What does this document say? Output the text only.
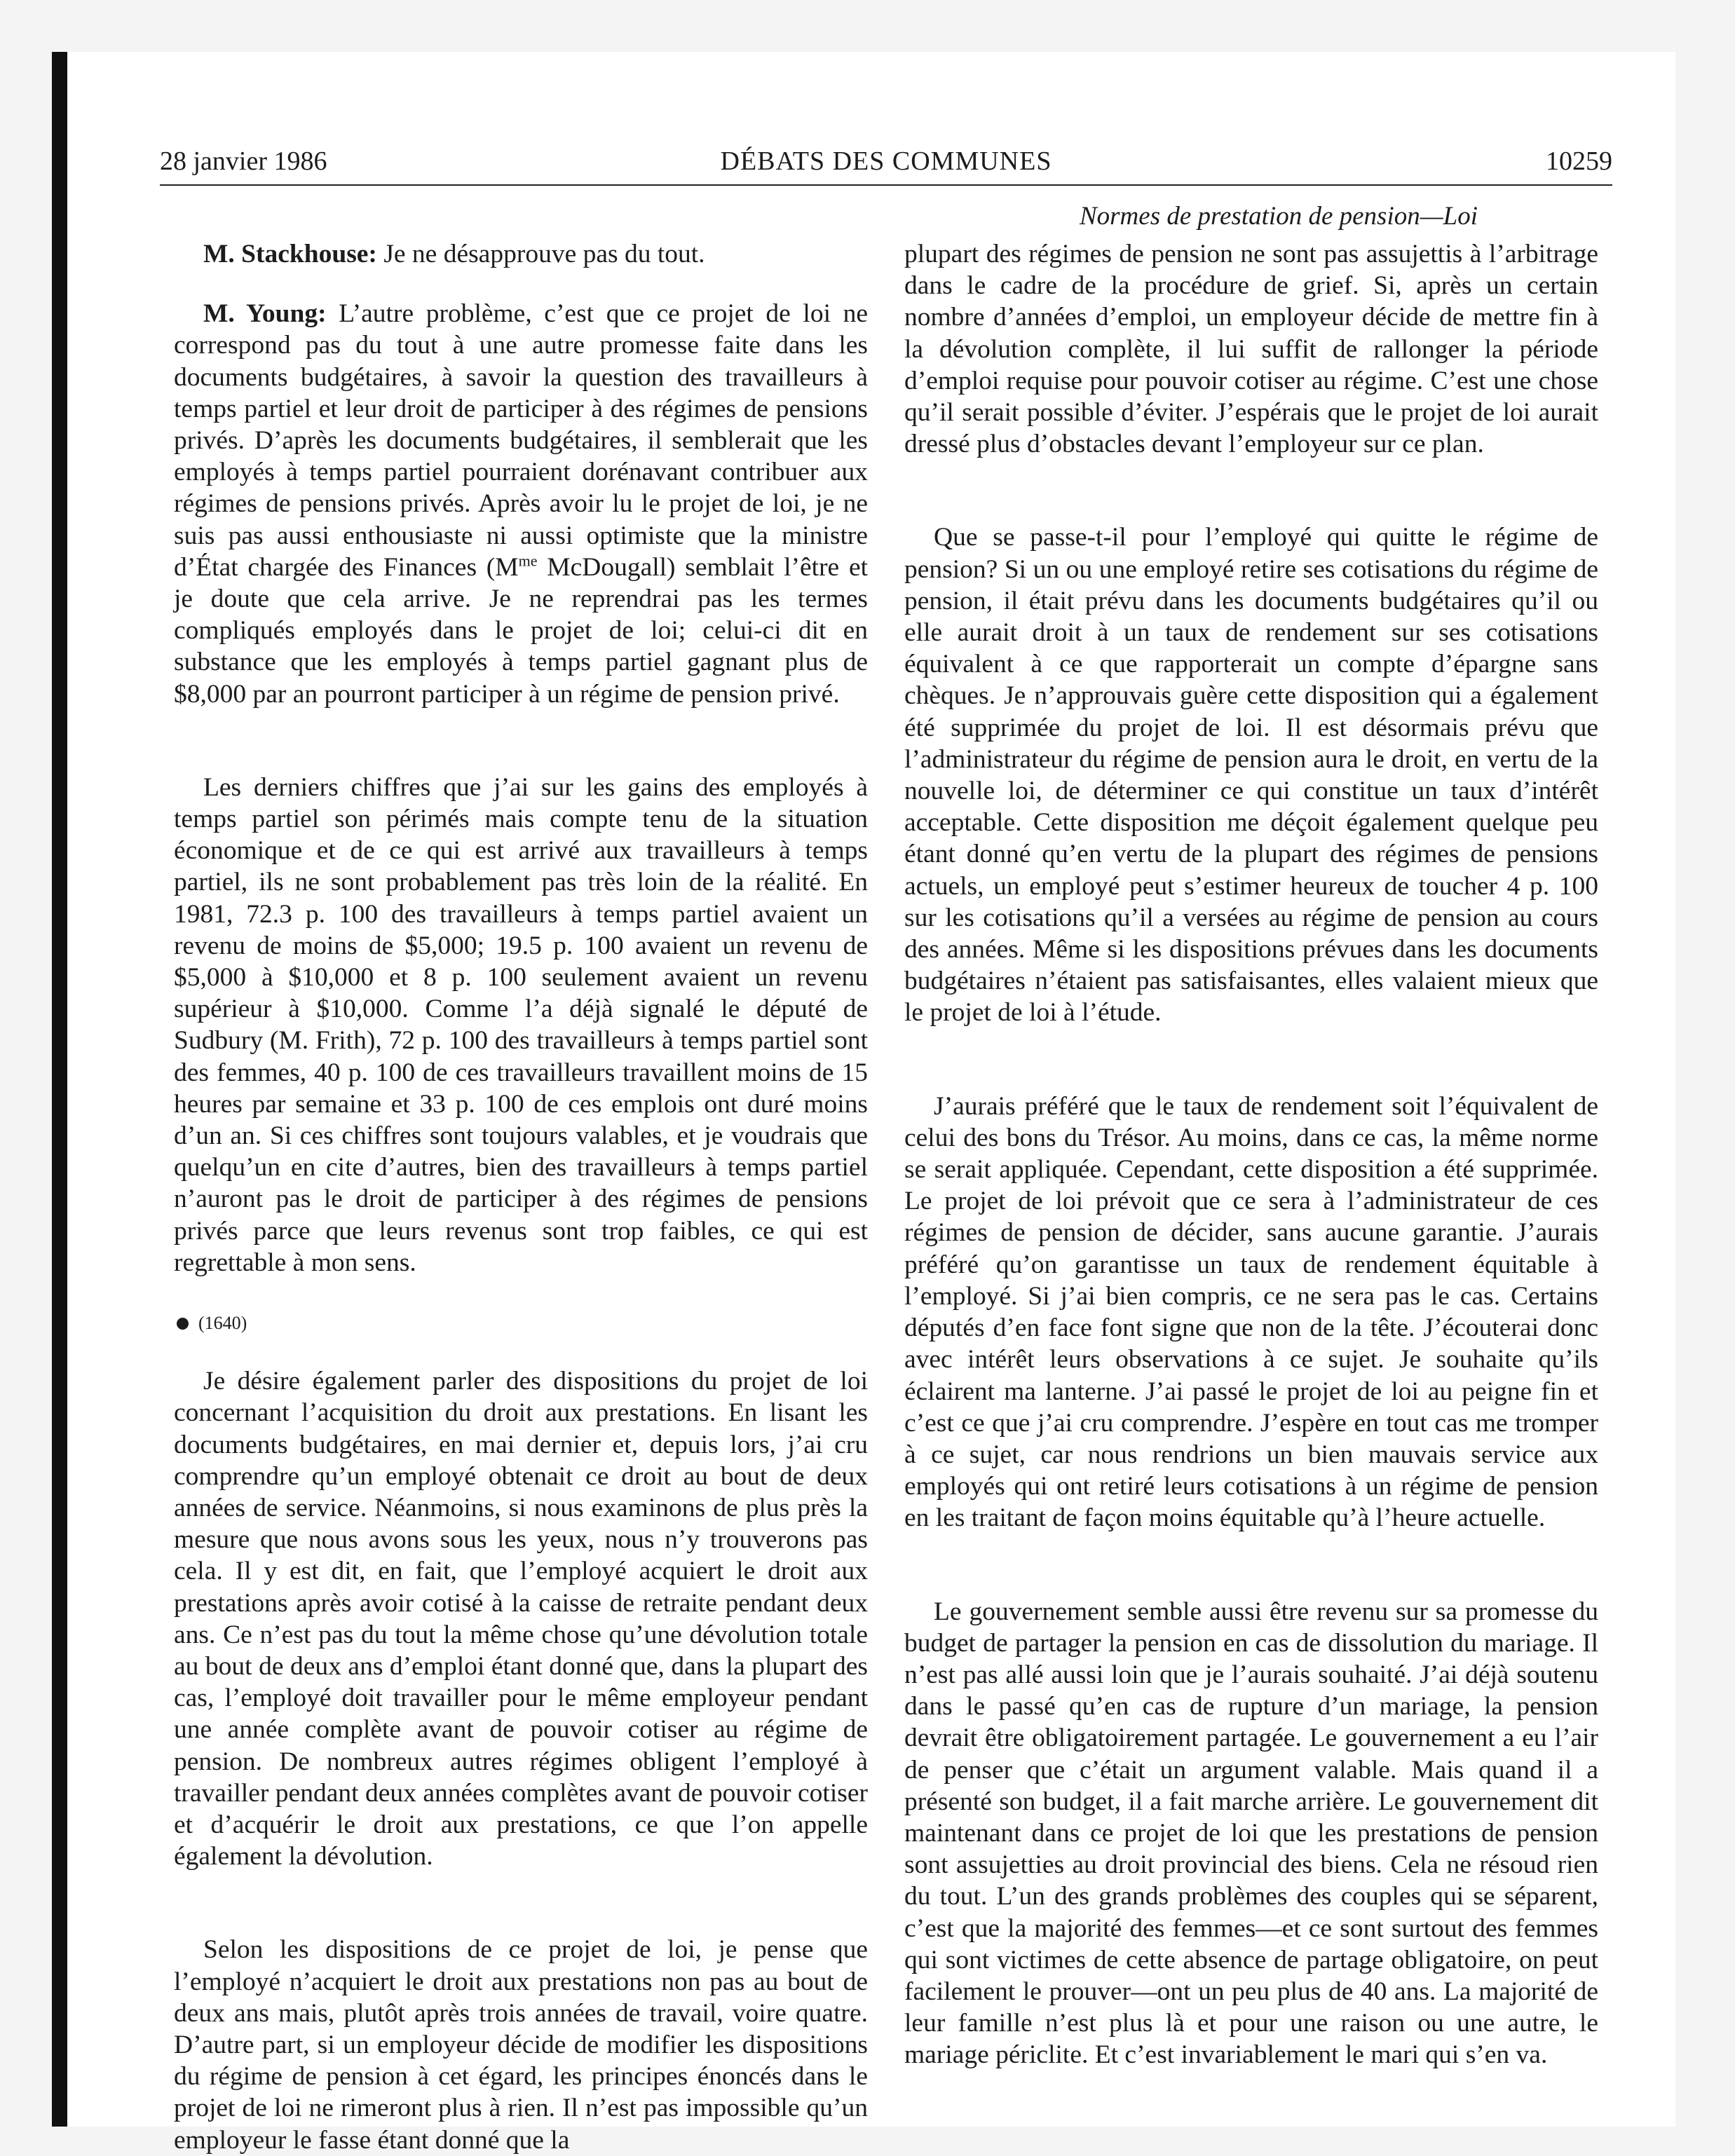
28 janvier 1986	DÉBATS DES COMMUNES	10259
Normes de prestation de pension—Loi

M. Stackhouse: Je ne désapprouve pas du tout.

M. Young: L’autre problème, c’est que ce projet de loi ne correspond pas du tout à une autre promesse faite dans les documents budgétaires, à savoir la question des travailleurs à temps partiel et leur droit de participer à des régimes de pensions privés. D’après les documents budgétaires, il semblerait que les employés à temps partiel pourraient dorénavant contribuer aux régimes de pensions privés. Après avoir lu le projet de loi, je ne suis pas aussi enthousiaste ni aussi optimiste que la ministre d’État chargée des Finances ($M^{me}$ McDougall) semblait l’être et je doute que cela arrive. Je ne reprendrai pas les termes compliqués employés dans le projet de loi; celui-ci dit en substance que les employés à temps partiel gagnant plus de $8,000 par an pourront participer à un régime de pension privé.

Les derniers chiffres que j’ai sur les gains des employés à temps partiel son périmés mais compte tenu de la situation économique et de ce qui est arrivé aux travailleurs à temps partiel, ils ne sont probablement pas très loin de la réalité. En 1981, 72.3 p. 100 des travailleurs à temps partiel avaient un revenu de moins de $5,000; 19.5 p. 100 avaient un revenu de $5,000 à $10,000 et 8 p. 100 seulement avaient un revenu supérieur à $10,000. Comme l’a déjà signalé le député de Sudbury (M. Frith), 72 p. 100 des travailleurs à temps partiel sont des femmes, 40 p. 100 de ces travailleurs travaillent moins de 15 heures par semaine et 33 p. 100 de ces emplois ont duré moins d’un an. Si ces chiffres sont toujours valables, et je voudrais que quelqu’un en cite d’autres, bien des travailleurs à temps partiel n’auront pas le droit de participer à des régimes de pensions privés parce que leurs revenus sont trop faibles, ce qui est regrettable à mon sens.

(1640)

Je désire également parler des dispositions du projet de loi concernant l’acquisition du droit aux prestations. En lisant les documents budgétaires, en mai dernier et, depuis lors, j’ai cru comprendre qu’un employé obtenait ce droit au bout de deux années de service. Néanmoins, si nous examinons de plus près la mesure que nous avons sous les yeux, nous n’y trouverons pas cela. Il y est dit, en fait, que l’employé acquiert le droit aux prestations après avoir cotisé à la caisse de retraite pendant deux ans. Ce n’est pas du tout la même chose qu’une dévolution totale au bout de deux ans d’emploi étant donné que, dans la plupart des cas, l’employé doit travailler pour le même employeur pendant une année complète avant de pouvoir cotiser au régime de pension. De nombreux autres régimes obligent l’employé à travailler pendant deux années complètes avant de pouvoir cotiser et d’acquérir le droit aux prestations, ce que l’on appelle également la dévolution.

Selon les dispositions de ce projet de loi, je pense que l’employé n’acquiert le droit aux prestations non pas au bout de deux ans mais, plutôt après trois années de travail, voire quatre. D’autre part, si un employeur décide de modifier les dispositions du régime de pension à cet égard, les principes énoncés dans le projet de loi ne rimeront plus à rien. Il n’est pas impossible qu’un employeur le fasse étant donné que la

plupart des régimes de pension ne sont pas assujettis à l’arbitrage dans le cadre de la procédure de grief. Si, après un certain nombre d’années d’emploi, un employeur décide de mettre fin à la dévolution complète, il lui suffit de rallonger la période d’emploi requise pour pouvoir cotiser au régime. C’est une chose qu’il serait possible d’éviter. J’espérais que le projet de loi aurait dressé plus d’obstacles devant l’employeur sur ce plan.

Que se passe-t-il pour l’employé qui quitte le régime de pension? Si un ou une employé retire ses cotisations du régime de pension, il était prévu dans les documents budgétaires qu’il ou elle aurait droit à un taux de rendement sur ses cotisations équivalent à ce que rapporterait un compte d’épargne sans chèques. Je n’approuvais guère cette disposition qui a également été supprimée du projet de loi. Il est désormais prévu que l’administrateur du régime de pension aura le droit, en vertu de la nouvelle loi, de déterminer ce qui constitue un taux d’intérêt acceptable. Cette disposition me déçoit également quelque peu étant donné qu’en vertu de la plupart des régimes de pensions actuels, un employé peut s’estimer heureux de toucher 4 p. 100 sur les cotisations qu’il a versées au régime de pension au cours des années. Même si les dispositions prévues dans les documents budgétaires n’étaient pas satisfaisantes, elles valaient mieux que le projet de loi à l’étude.

J’aurais préféré que le taux de rendement soit l’équivalent de celui des bons du Trésor. Au moins, dans ce cas, la même norme se serait appliquée. Cependant, cette disposition a été supprimée. Le projet de loi prévoit que ce sera à l’administrateur de ces régimes de pension de décider, sans aucune garantie. J’aurais préféré qu’on garantisse un taux de rendement équitable à l’employé. Si j’ai bien compris, ce ne sera pas le cas. Certains députés d’en face font signe que non de la tête. J’écouterai donc avec intérêt leurs observations à ce sujet. Je souhaite qu’ils éclairent ma lanterne. J’ai passé le projet de loi au peigne fin et c’est ce que j’ai cru comprendre. J’espère en tout cas me tromper à ce sujet, car nous rendrions un bien mauvais service aux employés qui ont retiré leurs cotisations à un régime de pension en les traitant de façon moins équitable qu’à l’heure actuelle.

Le gouvernement semble aussi être revenu sur sa promesse du budget de partager la pension en cas de dissolution du mariage. Il n’est pas allé aussi loin que je l’aurais souhaité. J’ai déjà soutenu dans le passé qu’en cas de rupture d’un mariage, la pension devrait être obligatoirement partagée. Le gouvernement a eu l’air de penser que c’était un argument valable. Mais quand il a présenté son budget, il a fait marche arrière. Le gouvernement dit maintenant dans ce projet de loi que les prestations de pension sont assujetties au droit provincial des biens. Cela ne résoud rien du tout. L’un des grands problèmes des couples qui se séparent, c’est que la majorité des femmes—et ce sont surtout des femmes qui sont victimes de cette absence de partage obligatoire, on peut facilement le prouver—ont un peu plus de 40 ans. La majorité de leur famille n’est plus là et pour une raison ou une autre, le mariage périclite. Et c’est invariablement le mari qui s’en va.
